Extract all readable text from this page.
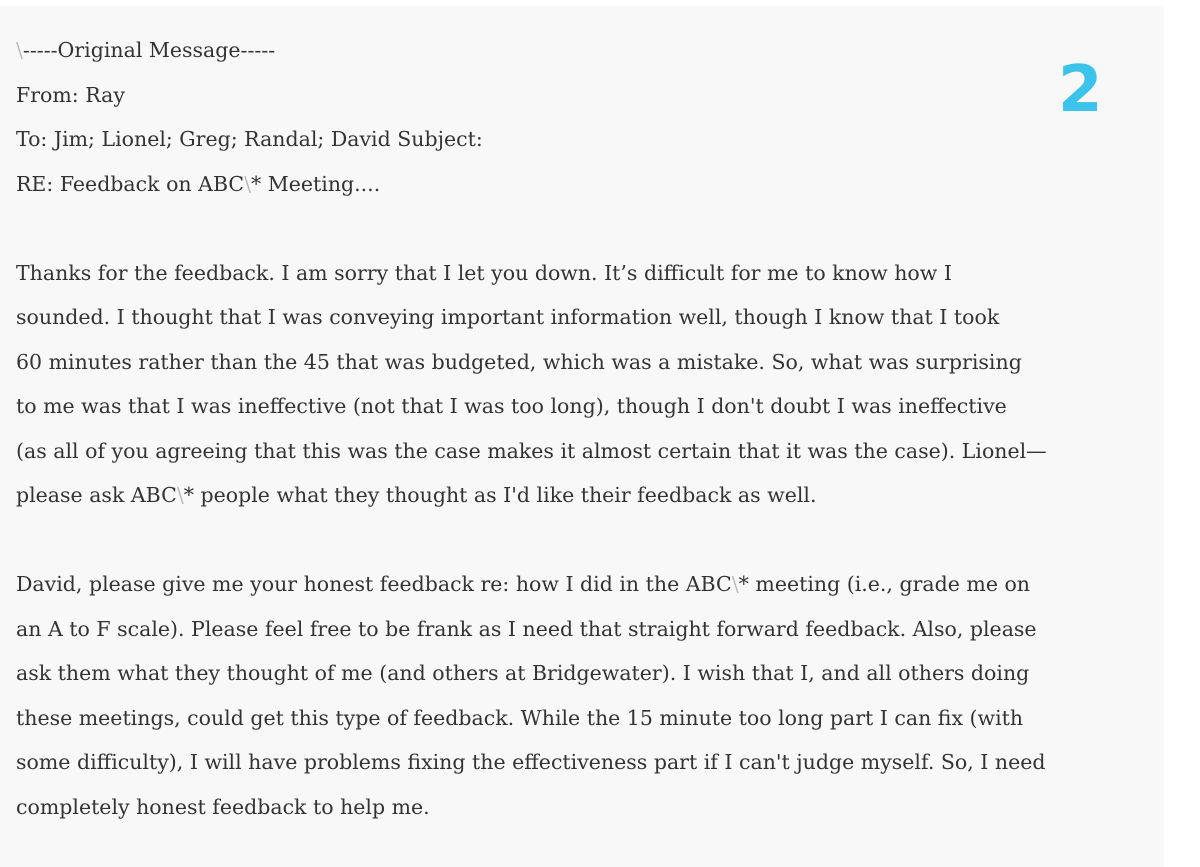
\-----Original Message-----
From: Ray
To: Jim; Lionel; Greg; Randal; David Subject:
RE: Feedback on ABC\* Meeting....
Thanks for the feedback. I am sorry that I let you down. It’s difficult for me to know how I
sounded. I thought that I was conveying important information well, though I know that I took
60 minutes rather than the 45 that was budgeted, which was a mistake. So, what was surprising
to me was that I was ineffective (not that I was too long), though I don't doubt I was ineffective
(as all of you agreeing that this was the case makes it almost certain that it was the case). Lionel—
please ask ABC\* people what they thought as I'd like their feedback as well.
David, please give me your honest feedback re: how I did in the ABC\* meeting (i.e., grade me on
an A to F scale). Please feel free to be frank as I need that straight forward feedback. Also, please
ask them what they thought of me (and others at Bridgewater). I wish that I, and all others doing
these meetings, could get this type of feedback. While the 15 minute too long part I can fix (with
some difficulty), I will have problems fixing the effectiveness part if I can't judge myself. So, I need
completely honest feedback to help me.
2
